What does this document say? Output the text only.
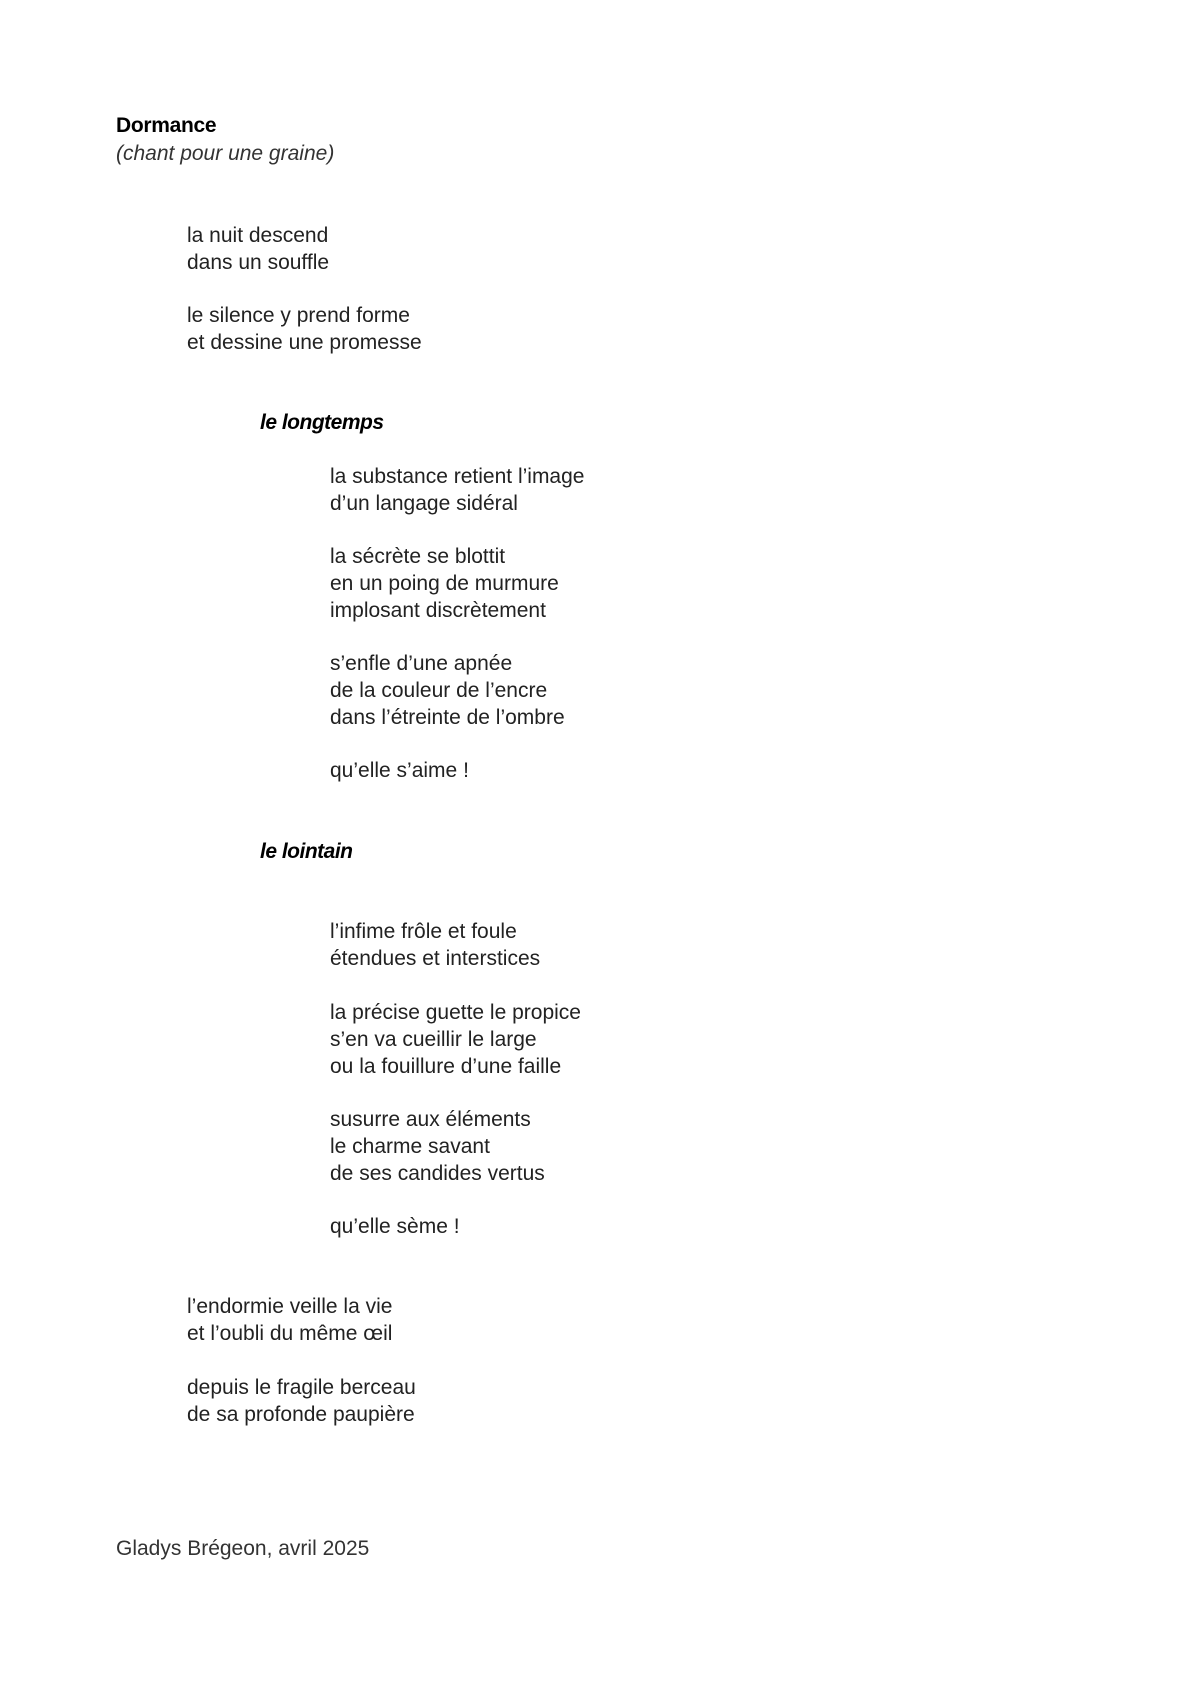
Dormance
(chant pour une graine)
la nuit descend
dans un souffle
le silence y prend forme
et dessine une promesse
le longtemps
la substance retient l’image
d’un langage sidéral
la sécrète se blottit
en un poing de murmure
implosant discrètement
s’enfle d’une apnée
de la couleur de l’encre
dans l’étreinte de l’ombre
qu’elle s’aime !
le lointain
l’infime frôle et foule
étendues et interstices
la précise guette le propice
s’en va cueillir le large
ou la fouillure d’une faille
susurre aux éléments
le charme savant
de ses candides vertus
qu’elle sème !
l’endormie veille la vie
et l’oubli du même œil
depuis le fragile berceau
de sa profonde paupière
Gladys Brégeon, avril 2025
